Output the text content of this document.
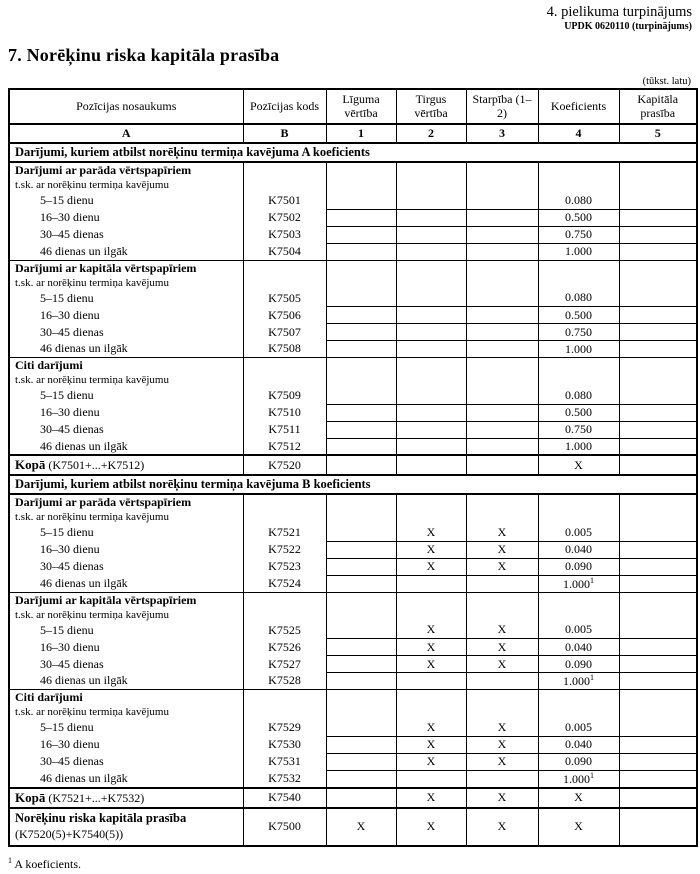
4. pielikuma turpinājums
UPDK 0620110 (turpinājums)
7. Norēķinu riska kapitāla prasība
(tūkst. latu)
Pozīcijas nosaukums	Pozīcijas kods	Līguma vērtība	Tirgus vērtība	Starpība (1–2)	Koeficients	Kapitāla prasība
A	B	1	2	3	4	5
Darījumi, kuriem atbilst norēķinu termiņa kavējuma A koeficients						
Darījumi ar parāda vērtspapīriem						
t.sk. ar norēķinu termiņa kavējumu						
5–15 dienu	K7501				0.080	
16–30 dienu	K7502				0.500	
30–45 dienas	K7503				0.750	
46 dienas un ilgāk	K7504				1.000	
Darījumi ar kapitāla vērtspapīriem						
t.sk. ar norēķinu termiņa kavējumu						
5–15 dienu	K7505				0.080	
16–30 dienu	K7506				0.500	
30–45 dienas	K7507				0.750	
46 dienas un ilgāk	K7508				1.000	
Citi darījumi						
t.sk. ar norēķinu termiņa kavējumu						
5–15 dienu	K7509				0.080	
16–30 dienu	K7510				0.500	
30–45 dienas	K7511				0.750	
46 dienas un ilgāk	K7512				1.000	
Kopā (K7501+...+K7512)	K7520				X	
Darījumi, kuriem atbilst norēķinu termiņa kavējuma B koeficients						
Darījumi ar parāda vērtspapīriem						
t.sk. ar norēķinu termiņa kavējumu						
5–15 dienu	K7521		X	X	0.005	
16–30 dienu	K7522		X	X	0.040	
30–45 dienas	K7523		X	X	0.090	
46 dienas un ilgāk	K7524				1.000$^1$	
Darījumi ar kapitāla vērtspapīriem						
t.sk. ar norēķinu termiņa kavējumu						
5–15 dienu	K7525		X	X	0.005	
16–30 dienu	K7526		X	X	0.040	
30–45 dienas	K7527		X	X	0.090	
46 dienas un ilgāk	K7528				1.000$^1$	
Citi darījumi						
t.sk. ar norēķinu termiņa kavējumu						
5–15 dienu	K7529		X	X	0.005	
16–30 dienu	K7530		X	X	0.040	
30–45 dienas	K7531		X	X	0.090	
46 dienas un ilgāk	K7532				1.000$^1$	
Kopā (K7521+...+K7532)	K7540		X	X	X	

Norēķinu riska kapitāla prasība
(K7520(5)+K7540(5))	K7500	X	X	X	X	
$^1$ A koeficients.
